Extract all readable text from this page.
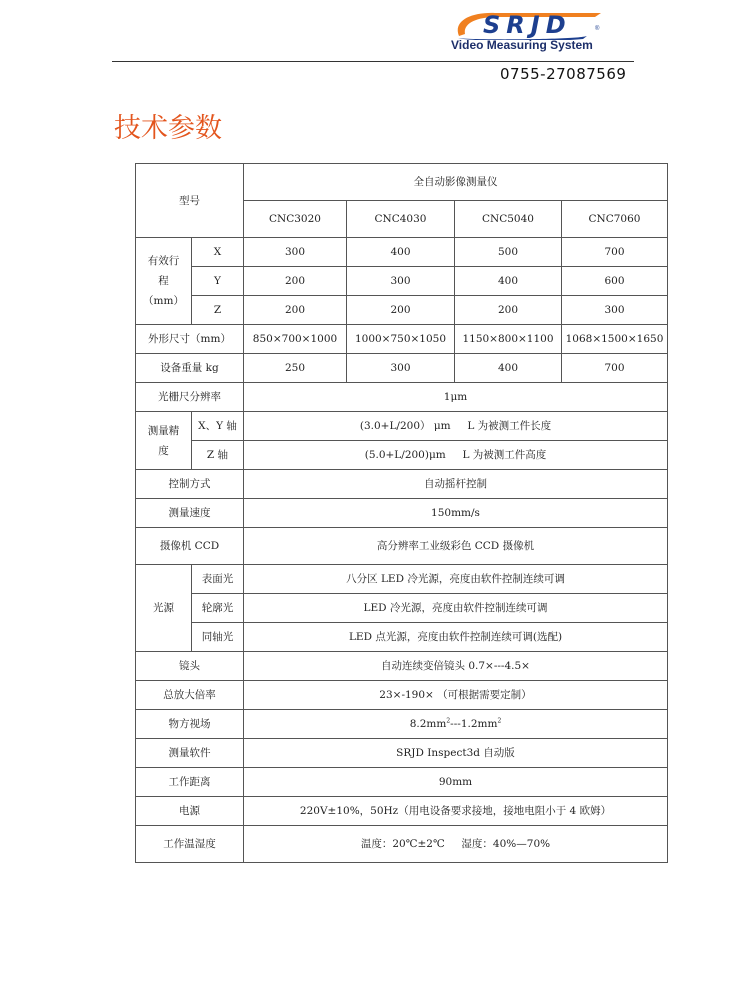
SRJD	®
Video Measuring System
0755-27087569
技术参数
型号		全自动影像测量仪			
		CNC3020	CNC4030	CNC5040	CNC7060
有效行
程
（mm）	X	300	400	500	700
	Y	200	300	400	600
	Z	200	200	200	300
外形尺寸（mm）		850×700×1000	1000×750×1050	1150×800×1100	1068×1500×1650
设备重量 kg		250	300	400	700
光栅尺分辨率		1μm			
测量精
度	X、Y 轴	(3.0+L/200） μm L 为被测工件长度			
	Z 轴	(5.0+L/200)μm L 为被测工件高度			
控制方式		自动摇杆控制			
测量速度		150mm/s			
摄像机 CCD		高分辨率工业级彩色 CCD 摄像机			
光源	表面光	八分区 LED 冷光源，亮度由软件控制连续可调			
	轮廓光	LED 冷光源，亮度由软件控制连续可调			
	同轴光	LED 点光源，亮度由软件控制连续可调(选配)			
镜头		自动连续变倍镜头 0.7×---4.5×			
总放大倍率		23×-190× （可根据需要定制）			
物方视场		$8.2mm^2---1.2mm^2$
测量软件		SRJD Inspect3d 自动版			
工作距离		90mm			
电源		220V±10%，50Hz（用电设备要求接地，接地电阻小于 4 欧姆）			
工作温湿度		温度：20℃±2℃ 湿度：40%—70%			
